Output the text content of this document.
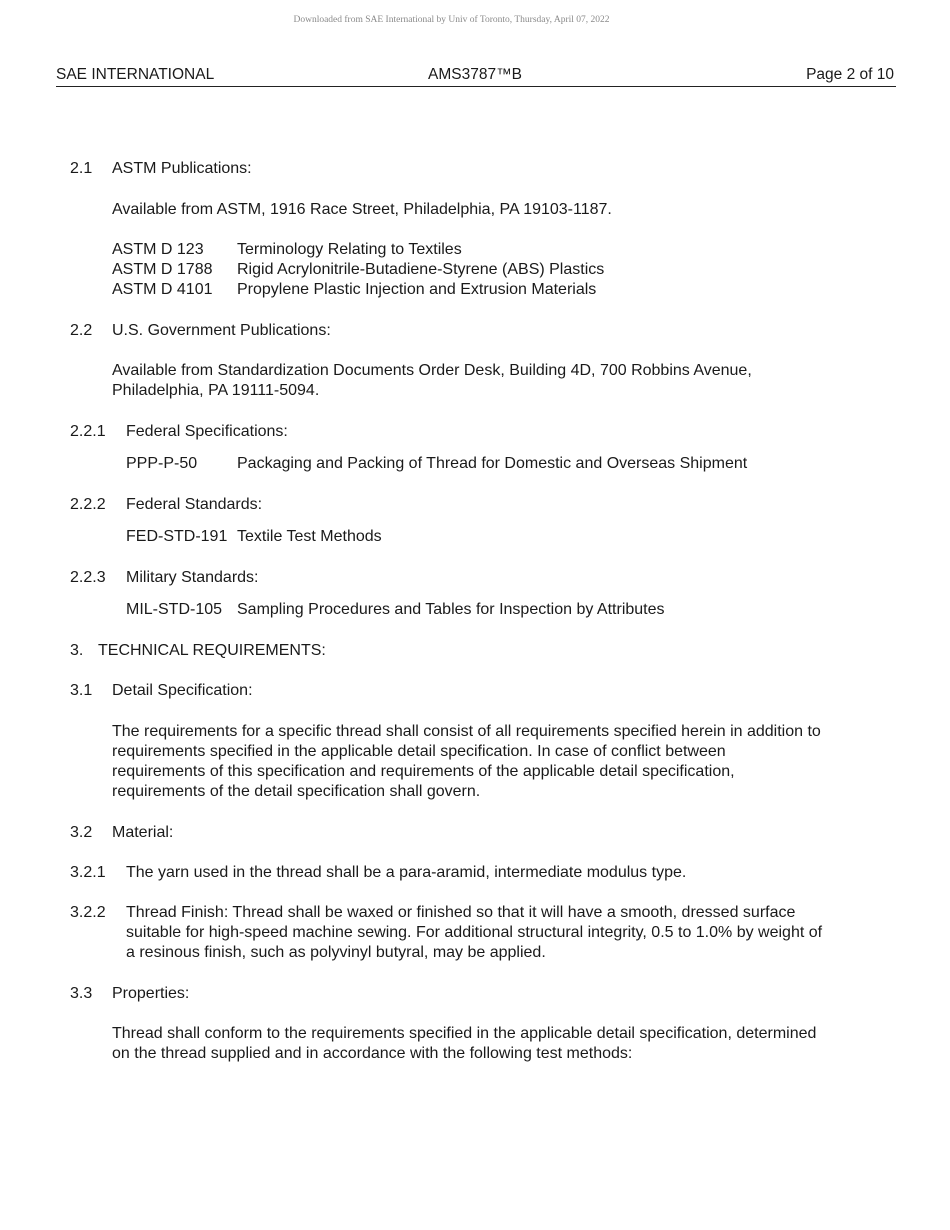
Downloaded from SAE International by Univ of Toronto, Thursday, April 07, 2022
SAE INTERNATIONAL	AMS3787™B	Page 2 of 10
2.1 ASTM Publications:
Available from ASTM, 1916 Race Street, Philadelphia, PA 19103-1187.
ASTM D 123 Terminology Relating to Textiles
ASTM D 1788 Rigid Acrylonitrile-Butadiene-Styrene (ABS) Plastics
ASTM D 4101 Propylene Plastic Injection and Extrusion Materials
2.2 U.S. Government Publications:
Available from Standardization Documents Order Desk, Building 4D, 700 Robbins Avenue,
Philadelphia, PA 19111-5094.
2.2.1 Federal Specifications:
PPP-P-50 Packaging and Packing of Thread for Domestic and Overseas Shipment
2.2.2 Federal Standards:
FED-STD-191 Textile Test Methods
2.2.3 Military Standards:
MIL-STD-105 Sampling Procedures and Tables for Inspection by Attributes
3. TECHNICAL REQUIREMENTS:
3.1 Detail Specification:
The requirements for a specific thread shall consist of all requirements specified herein in addition to
requirements specified in the applicable detail specification. In case of conflict between
requirements of this specification and requirements of the applicable detail specification,
requirements of the detail specification shall govern.
3.2 Material:
3.2.1 The yarn used in the thread shall be a para-aramid, intermediate modulus type.
3.2.2 Thread Finish: Thread shall be waxed or finished so that it will have a smooth, dressed surface
suitable for high-speed machine sewing. For additional structural integrity, 0.5 to 1.0% by weight of
a resinous finish, such as polyvinyl butyral, may be applied.
3.3 Properties:
Thread shall conform to the requirements specified in the applicable detail specification, determined
on the thread supplied and in accordance with the following test methods:
